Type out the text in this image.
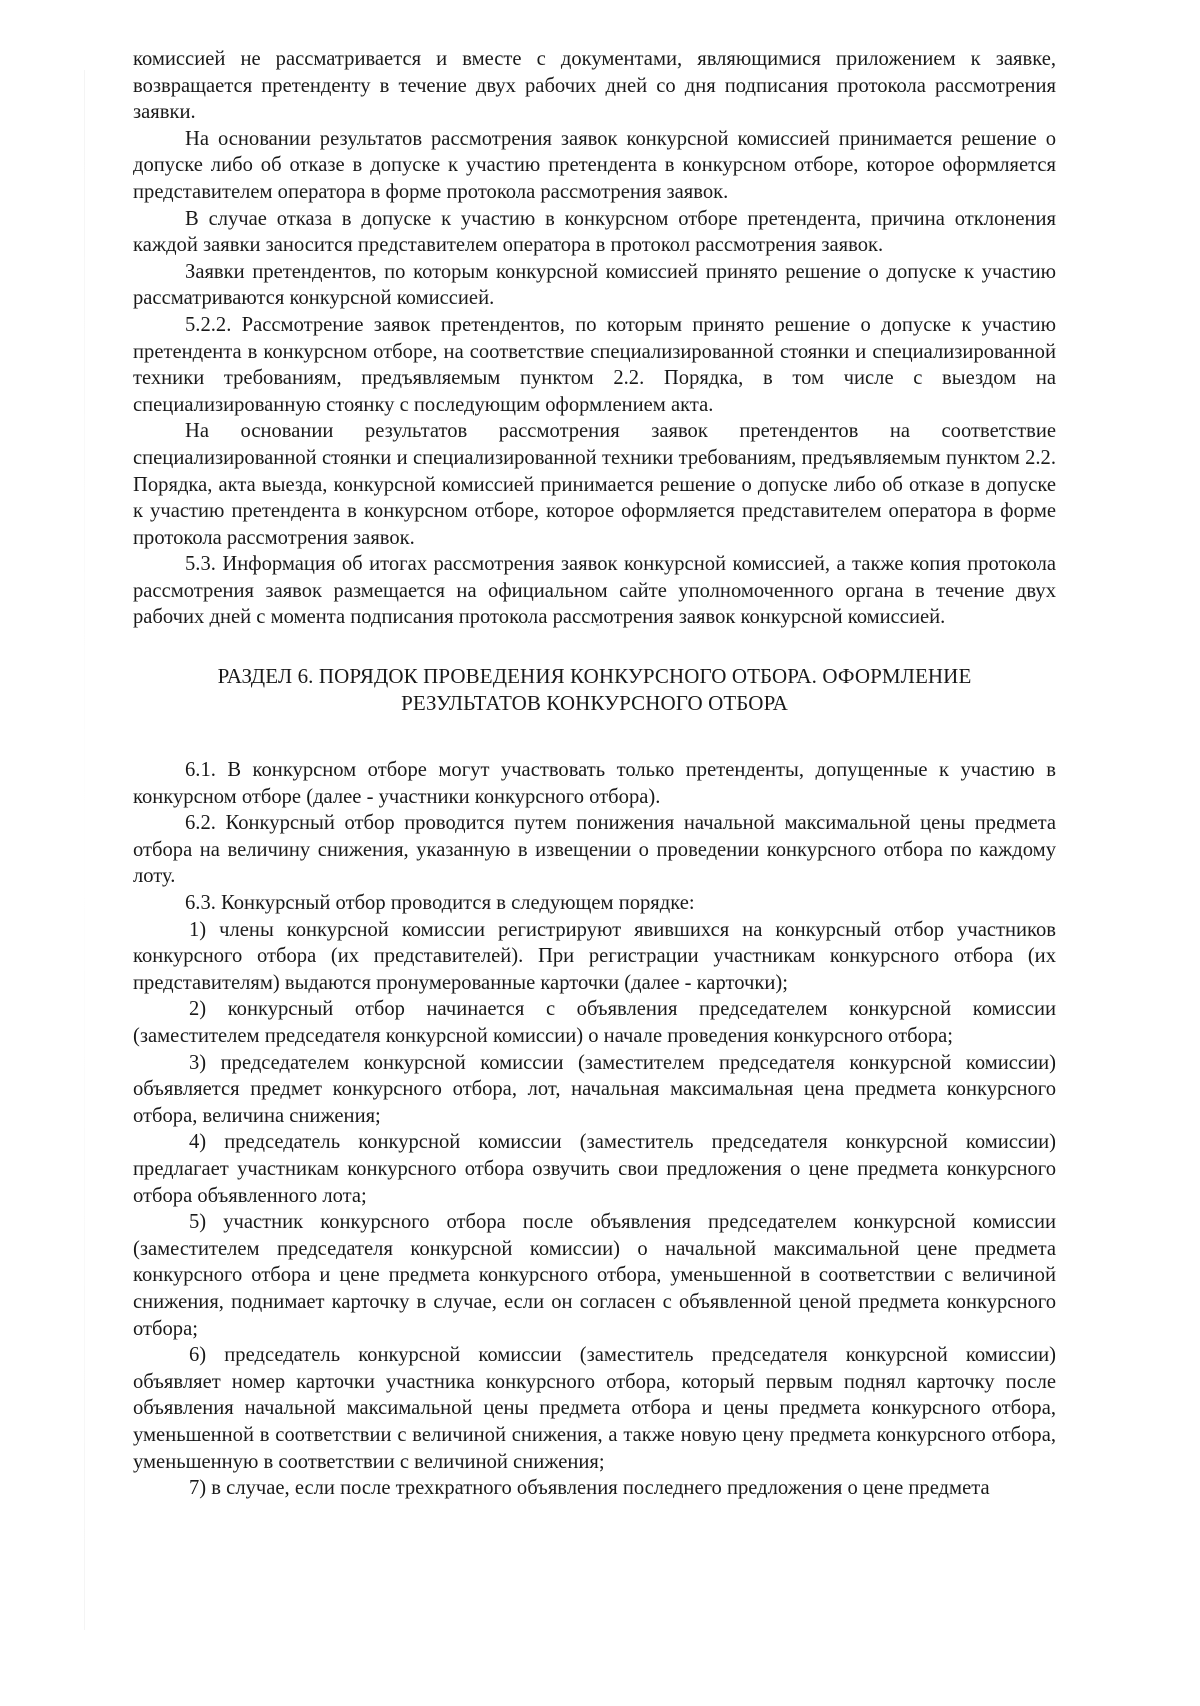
комиссией не рассматривается и вместе с документами, являющимися приложением к заявке, возвращается претенденту в течение двух рабочих дней со дня подписания протокола рассмотрения заявки.

На основании результатов рассмотрения заявок конкурсной комиссией принимается решение о допуске либо об отказе в допуске к участию претендента в конкурсном отборе, которое оформляется представителем оператора в форме протокола рассмотрения заявок.

В случае отказа в допуске к участию в конкурсном отборе претендента, причина отклонения каждой заявки заносится представителем оператора в протокол рассмотрения заявок.

Заявки претендентов, по которым конкурсной комиссией принято решение о допуске к участию рассматриваются конкурсной комиссией.

5.2.2. Рассмотрение заявок претендентов, по которым принято решение о допуске к участию претендента в конкурсном отборе, на соответствие специализированной стоянки и специализированной техники требованиям, предъявляемым пунктом 2.2. Порядка, в том числе с выездом на специализированную стоянку с последующим оформлением акта.

На основании результатов рассмотрения заявок претендентов на соответствие специализированной стоянки и специализированной техники требованиям, предъявляемым пунктом 2.2. Порядка, акта выезда, конкурсной комиссией принимается решение о допуске либо об отказе в допуске к участию претендента в конкурсном отборе, которое оформляется представителем оператора в форме протокола рассмотрения заявок.

5.3. Информация об итогах рассмотрения заявок конкурсной комиссией, а также копия протокола рассмотрения заявок размещается на официальном сайте уполномоченного органа в течение двух рабочих дней с момента подписания протокола рассмотрения заявок конкурсной комиссией.

РАЗДЕЛ 6. ПОРЯДОК ПРОВЕДЕНИЯ КОНКУРСНОГО ОТБОРА. ОФОРМЛЕНИЕ
РЕЗУЛЬТАТОВ КОНКУРСНОГО ОТБОРА

6.1. В конкурсном отборе могут участвовать только претенденты, допущенные к участию в конкурсном отборе (далее - участники конкурсного отбора).

6.2. Конкурсный отбор проводится путем понижения начальной максимальной цены предмета отбора на величину снижения, указанную в извещении о проведении конкурсного отбора по каждому лоту.

6.3. Конкурсный отбор проводится в следующем порядке:

1) члены конкурсной комиссии регистрируют явившихся на конкурсный отбор участников конкурсного отбора (их представителей). При регистрации участникам конкурсного отбора (их представителям) выдаются пронумерованные карточки (далее - карточки);

2) конкурсный отбор начинается с объявления председателем конкурсной комиссии (заместителем председателя конкурсной комиссии) о начале проведения конкурсного отбора;

3) председателем конкурсной комиссии (заместителем председателя конкурсной комиссии) объявляется предмет конкурсного отбора, лот, начальная максимальная цена предмета конкурсного отбора, величина снижения;

4) председатель конкурсной комиссии (заместитель председателя конкурсной комиссии) предлагает участникам конкурсного отбора озвучить свои предложения о цене предмета конкурсного отбора объявленного лота;

5) участник конкурсного отбора после объявления председателем конкурсной комиссии (заместителем председателя конкурсной комиссии) о начальной максимальной цене предмета конкурсного отбора и цене предмета конкурсного отбора, уменьшенной в соответствии с величиной снижения, поднимает карточку в случае, если он согласен с объявленной ценой предмета конкурсного отбора;

6) председатель конкурсной комиссии (заместитель председателя конкурсной комиссии) объявляет номер карточки участника конкурсного отбора, который первым поднял карточку после объявления начальной максимальной цены предмета отбора и цены предмета конкурсного отбора, уменьшенной в соответствии с величиной снижения, а также новую цену предмета конкурсного отбора, уменьшенную в соответствии с величиной снижения;

7) в случае, если после трехкратного объявления последнего предложения о цене предмета
